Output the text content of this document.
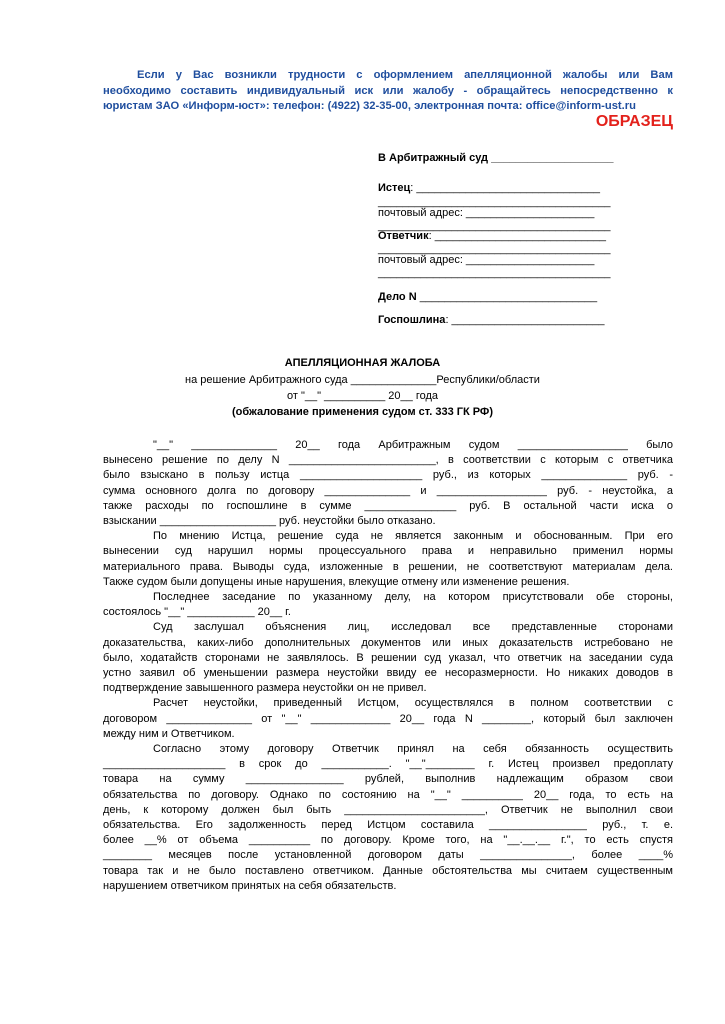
Если у Вас возникли трудности с оформлением апелляционной жалобы или Вам
необходимо составить индивидуальный иск или жалобу - обращайтесь непосредственно к
юристам ЗАО «Информ-юст»: телефон: (4922) 32-35-00, электронная почта: office@inform-ust.ru
ОБРАЗЕЦ
В Арбитражный суд ____________________
Истец: ______________________________
______________________________________
почтовый адрес: _____________________
______________________________________
Ответчик: ____________________________
______________________________________
почтовый адрес: _____________________
______________________________________
Дело N _____________________________
Госпошлина: _________________________
АПЕЛЛЯЦИОННАЯ ЖАЛОБА
на решение Арбитражного суда ______________Республики/области
от "__" __________ 20__ года
(обжалование применения судом ст. 333 ГК РФ)

"__" ______________ 20__ года Арбитражным судом __________________ было
вынесено решение по делу N ________________________, в соответствии с которым с ответчика
было взыскано в пользу истца ____________________ руб., из которых ______________ руб. -
сумма основного долга по договору ______________ и __________________ руб. - неустойка, а
также расходы по госпошлине в сумме _______________ руб. В остальной части иска о
взыскании ___________________ руб. неустойки было отказано.

По мнению Истца, решение суда не является законным и обоснованным. При его
вынесении суд нарушил нормы процессуального права и неправильно применил нормы
материального права. Выводы суда, изложенные в решении, не соответствуют материалам дела.
Также судом были допущены иные нарушения, влекущие отмену или изменение решения.

Последнее заседание по указанному делу, на котором присутствовали обе стороны,
состоялось "__" ___________ 20__ г.

Суд заслушал объяснения лиц, исследовал все представленные сторонами
доказательства, каких-либо дополнительных документов или иных доказательств истребовано не
было, ходатайств сторонами не заявлялось. В решении суд указал, что ответчик на заседании суда
устно заявил об уменьшении размера неустойки ввиду ее несоразмерности. Но никаких доводов в
подтверждение завышенного размера неустойки он не привел.

Расчет неустойки, приведенный Истцом, осуществлялся в полном соответствии с
договором ______________ от "__" _____________ 20__ года N ________, который был заключен
между ним и Ответчиком.

Согласно этому договору Ответчик принял на себя обязанность осуществить
____________________ в срок до ___________. "__"________ г. Истец произвел предоплату
товара на сумму ________________ рублей, выполнив надлежащим образом свои
обязательства по договору. Однако по состоянию на "__" __________ 20__ года, то есть на
день, к которому должен был быть _______________________, Ответчик не выполнил свои
обязательства. Его задолженность перед Истцом составила ________________ руб., т. е.
более __% от объема __________ по договору. Кроме того, на "__.__.__ г.", то есть спустя
________ месяцев после установленной договором даты _______________, более ____%
товара так и не было поставлено ответчиком. Данные обстоятельства мы считаем существенным
нарушением ответчиком принятых на себя обязательств.
